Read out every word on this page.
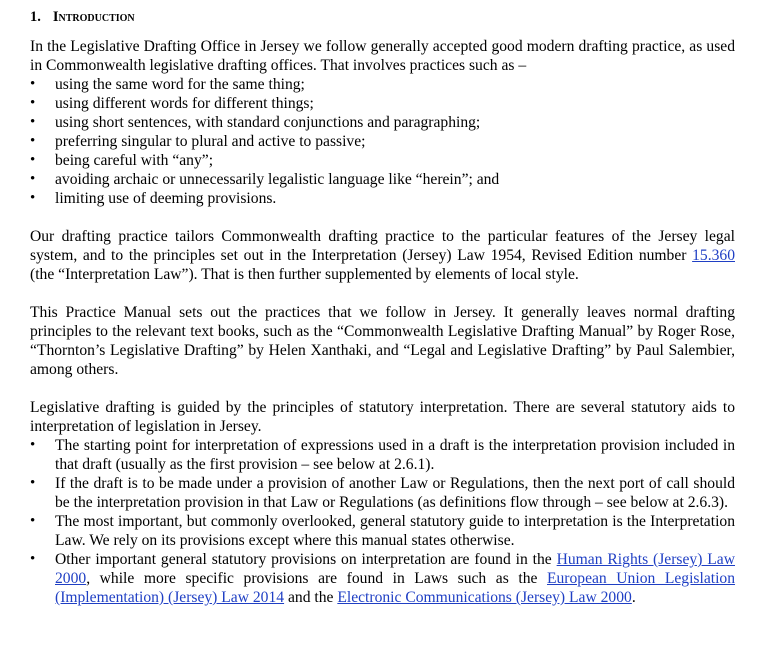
1. Introduction

In the Legislative Drafting Office in Jersey we follow generally accepted good modern drafting practice, as used in Commonwealth legislative drafting offices. That involves practices such as –

• using the same word for the same thing;
• using different words for different things;
• using short sentences, with standard conjunctions and paragraphing;
• preferring singular to plural and active to passive;
• being careful with “any”;
• avoiding archaic or unnecessarily legalistic language like “herein”; and
• limiting use of deeming provisions.

Our drafting practice tailors Commonwealth drafting practice to the particular features of the Jersey legal system, and to the principles set out in the Interpretation (Jersey) Law 1954, Revised Edition number 15.360 (the “Interpretation Law”). That is then further supplemented by elements of local style.

This Practice Manual sets out the practices that we follow in Jersey. It generally leaves normal drafting principles to the relevant text books, such as the “Commonwealth Legislative Drafting Manual” by Roger Rose, “Thornton’s Legislative Drafting” by Helen Xanthaki, and “Legal and Legislative Drafting” by Paul Salembier, among others.

Legislative drafting is guided by the principles of statutory interpretation. There are several statutory aids to interpretation of legislation in Jersey.

• The starting point for interpretation of expressions used in a draft is the interpretation provision included in that draft (usually as the first provision – see below at 2.6.1).
• If the draft is to be made under a provision of another Law or Regulations, then the next port of call should be the interpretation provision in that Law or Regulations (as definitions flow through – see below at 2.6.3).
• The most important, but commonly overlooked, general statutory guide to interpretation is the Interpretation Law. We rely on its provisions except where this manual states otherwise.
• Other important general statutory provisions on interpretation are found in the Human Rights (Jersey) Law 2000, while more specific provisions are found in Laws such as the European Union Legislation (Implementation) (Jersey) Law 2014 and the Electronic Communications (Jersey) Law 2000.
